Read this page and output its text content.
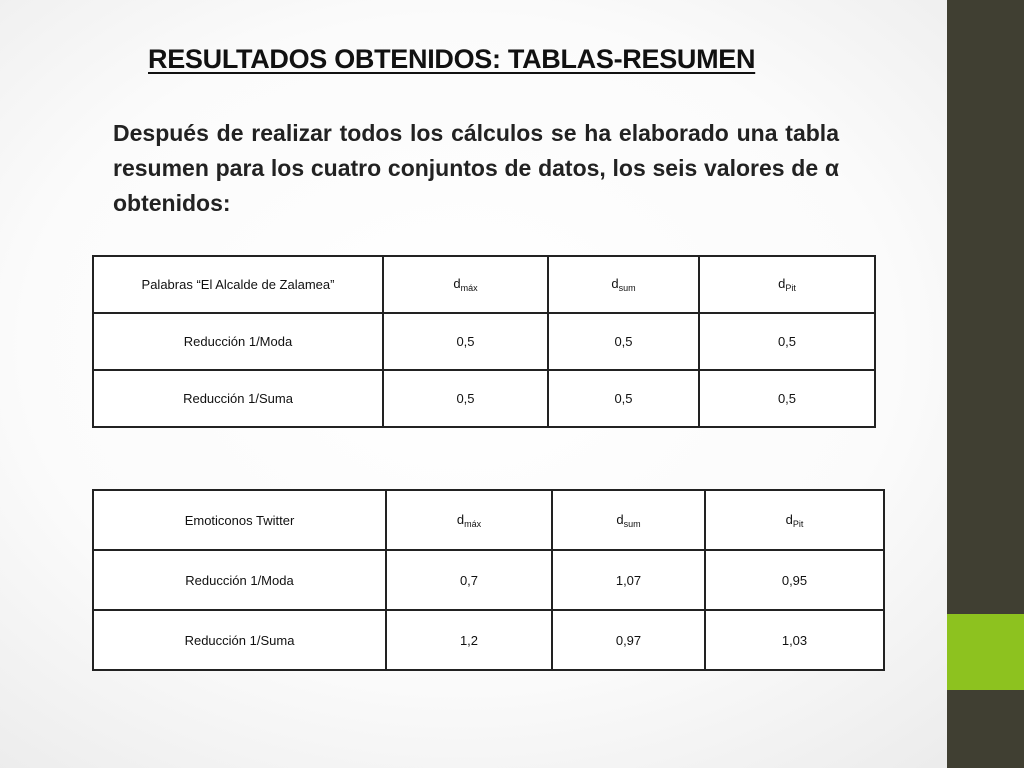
RESULTADOS OBTENIDOS: TABLAS-RESUMEN
Después de realizar todos los cálculos se ha elaborado una tabla resumen para los cuatro conjuntos de datos, los seis valores de α obtenidos:
Palabras “El Alcalde de Zalamea”	$d_{máx}$	$d_{sum}$	$d_{Pit}$
Reducción 1/Moda	0,5	0,5	0,5
Reducción 1/Suma	0,5	0,5	0,5
Emoticonos Twitter	$d_{máx}$	$d_{sum}$	$d_{Pit}$
Reducción 1/Moda	0,7	1,07	0,95
Reducción 1/Suma	1,2	0,97	1,03
